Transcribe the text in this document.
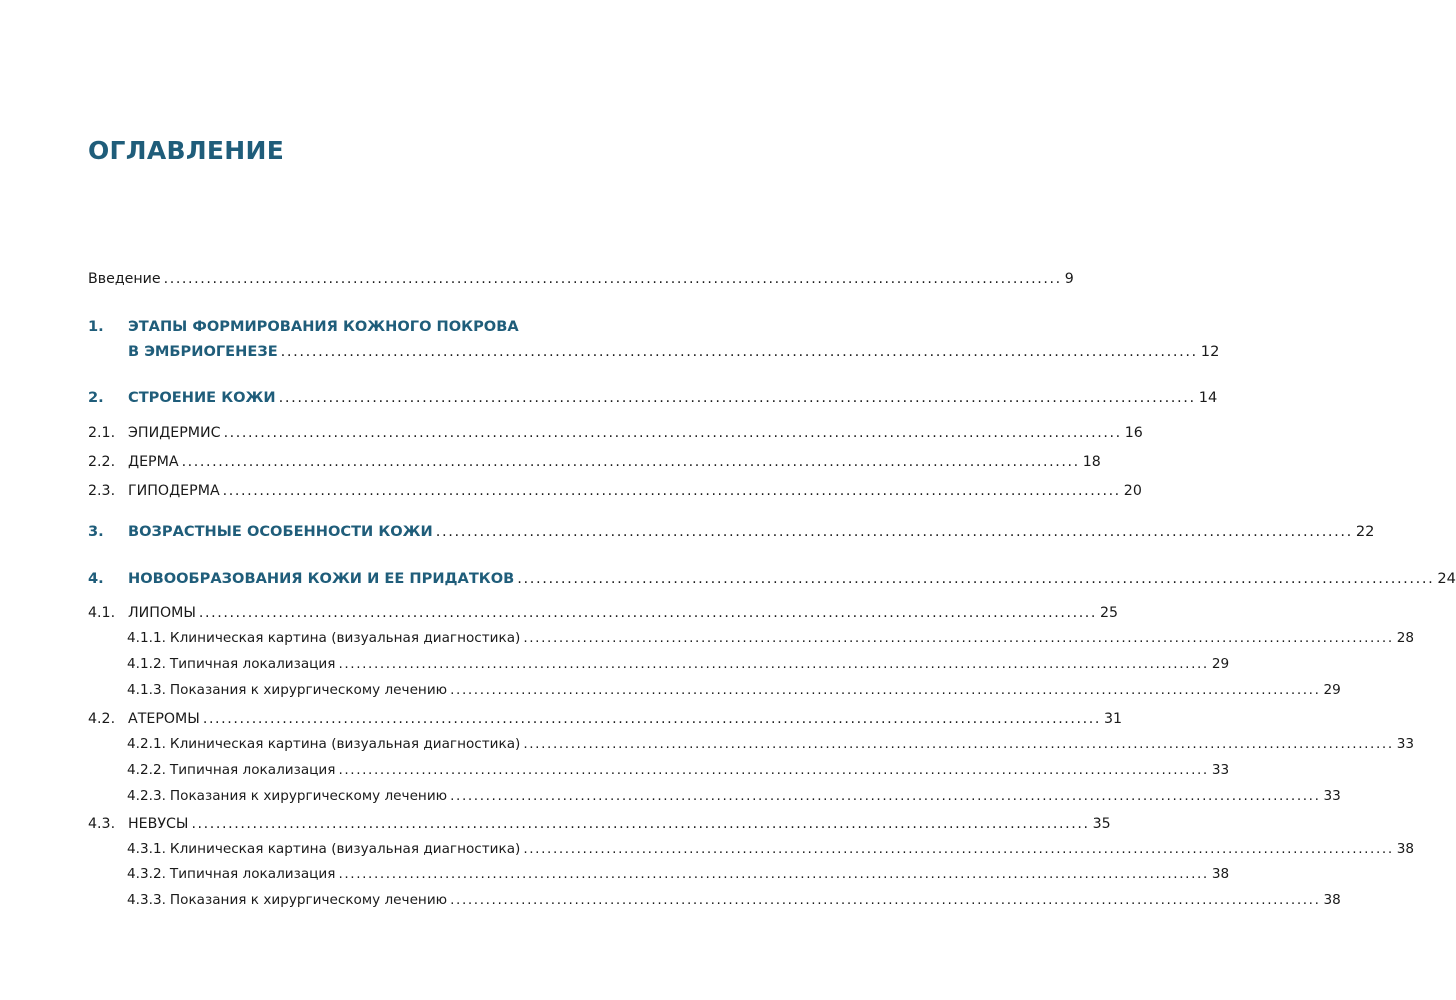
ОГЛАВЛЕНИЕ
Введение ................................................................................................................................................... 9
1.	ЭТАПЫ ФОРМИРОВАНИЯ КОЖНОГО ПОКРОВА
В ЭМБРИОГЕНЕЗЕ ................................................................................................................................................... 12
2.	СТРОЕНИЕ КОЖИ ................................................................................................................................................... 14
2.1. ЭПИДЕРМИС ................................................................................................................................................... 16
2.2. ДЕРМА ................................................................................................................................................... 18
2.3. ГИПОДЕРМА ................................................................................................................................................... 20
3.	ВОЗРАСТНЫЕ ОСОБЕННОСТИ КОЖИ ................................................................................................................................................... 22
4.	НОВООБРАЗОВАНИЯ КОЖИ И ЕЕ ПРИДАТКОВ ................................................................................................................................................... 24
4.1. ЛИПОМЫ ................................................................................................................................................... 25
4.1.1. Клиническая картина (визуальная диагностика) ................................................................................................................................................... 28
4.1.2. Типичная локализация ................................................................................................................................................... 29
4.1.3. Показания к хирургическому лечению ................................................................................................................................................... 29
4.2. АТЕРОМЫ ................................................................................................................................................... 31
4.2.1. Клиническая картина (визуальная диагностика) ................................................................................................................................................... 33
4.2.2. Типичная локализация ................................................................................................................................................... 33
4.2.3. Показания к хирургическому лечению ................................................................................................................................................... 33
4.3. НЕВУСЫ ................................................................................................................................................... 35
4.3.1. Клиническая картина (визуальная диагностика) ................................................................................................................................................... 38
4.3.2. Типичная локализация ................................................................................................................................................... 38
4.3.3. Показания к хирургическому лечению ................................................................................................................................................... 38
